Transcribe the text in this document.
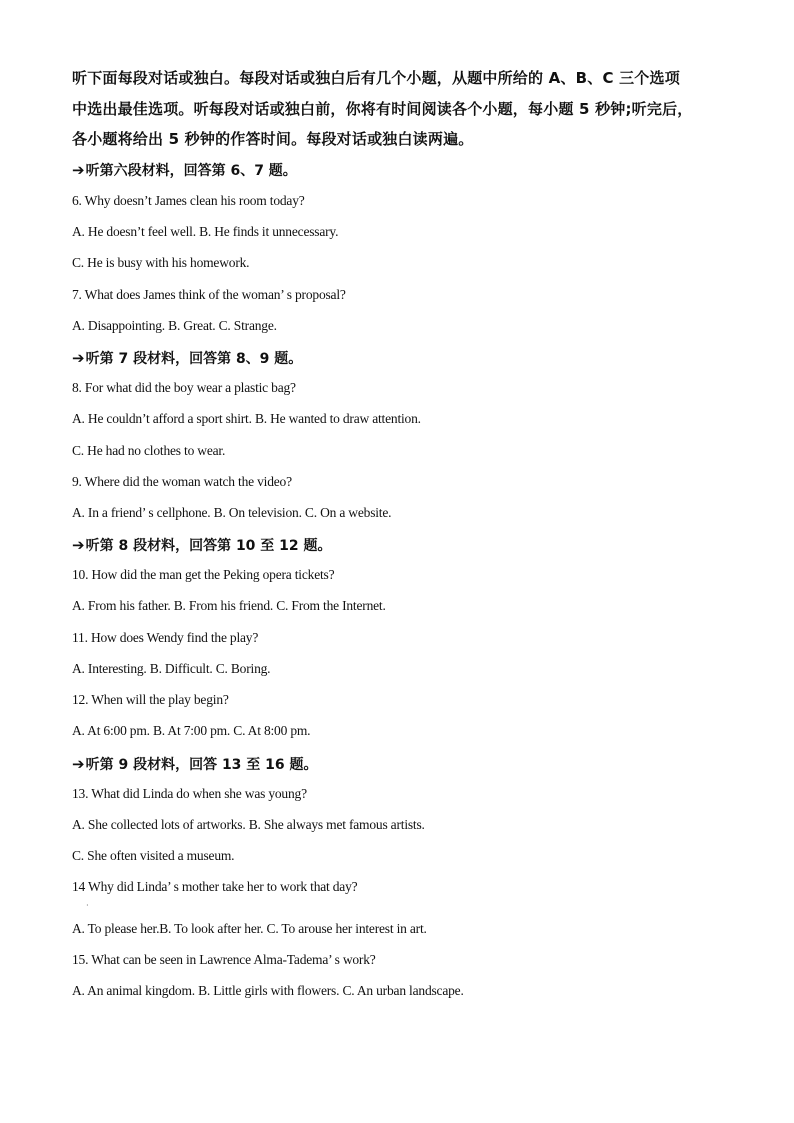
听下面每段对话或独白。每段对话或独白后有几个小题，从题中所给的 A、B、C 三个选项

中选出最佳选项。听每段对话或独白前，你将有时间阅读各个小题，每小题 5 秒钟;听完后，

各小题将给出 5 秒钟的作答时间。每段对话或独白读两遍。

➔听第六段材料，回答第 6、7 题。
6. Why doesn’t James clean his room today?
A. He doesn’t feel well. B. He finds it unnecessary.
C. He is busy with his homework.
7. What does James think of the woman’ s proposal?
A. Disappointing. B. Great. C. Strange.
➔听第 7 段材料，回答第 8、9 题。
8. For what did the boy wear a plastic bag?
A. He couldn’t afford a sport shirt. B. He wanted to draw attention.
C. He had no clothes to wear.
9. Where did the woman watch the video?
A. In a friend’ s cellphone. B. On television. C. On a website.
➔听第 8 段材料，回答第 10 至 12 题。
10. How did the man get the Peking opera tickets?
A. From his father. B. From his friend. C. From the Internet.
11. How does Wendy find the play?
A. Interesting. B. Difficult. C. Boring.
12. When will the play begin?
A. At 6:00 pm. B. At 7:00 pm. C. At 8:00 pm.
➔听第 9 段材料，回答 13 至 16 题。
13. What did Linda do when she was young?
A. She collected lots of artworks. B. She always met famous artists.
C. She often visited a museum.
14 Why did Linda’ s mother take her to work that day?
·
A. To please her.B. To look after her. C. To arouse her interest in art.
15. What can be seen in Lawrence Alma-Tadema’ s work?
A. An animal kingdom. B. Little girls with flowers. C. An urban landscape.
